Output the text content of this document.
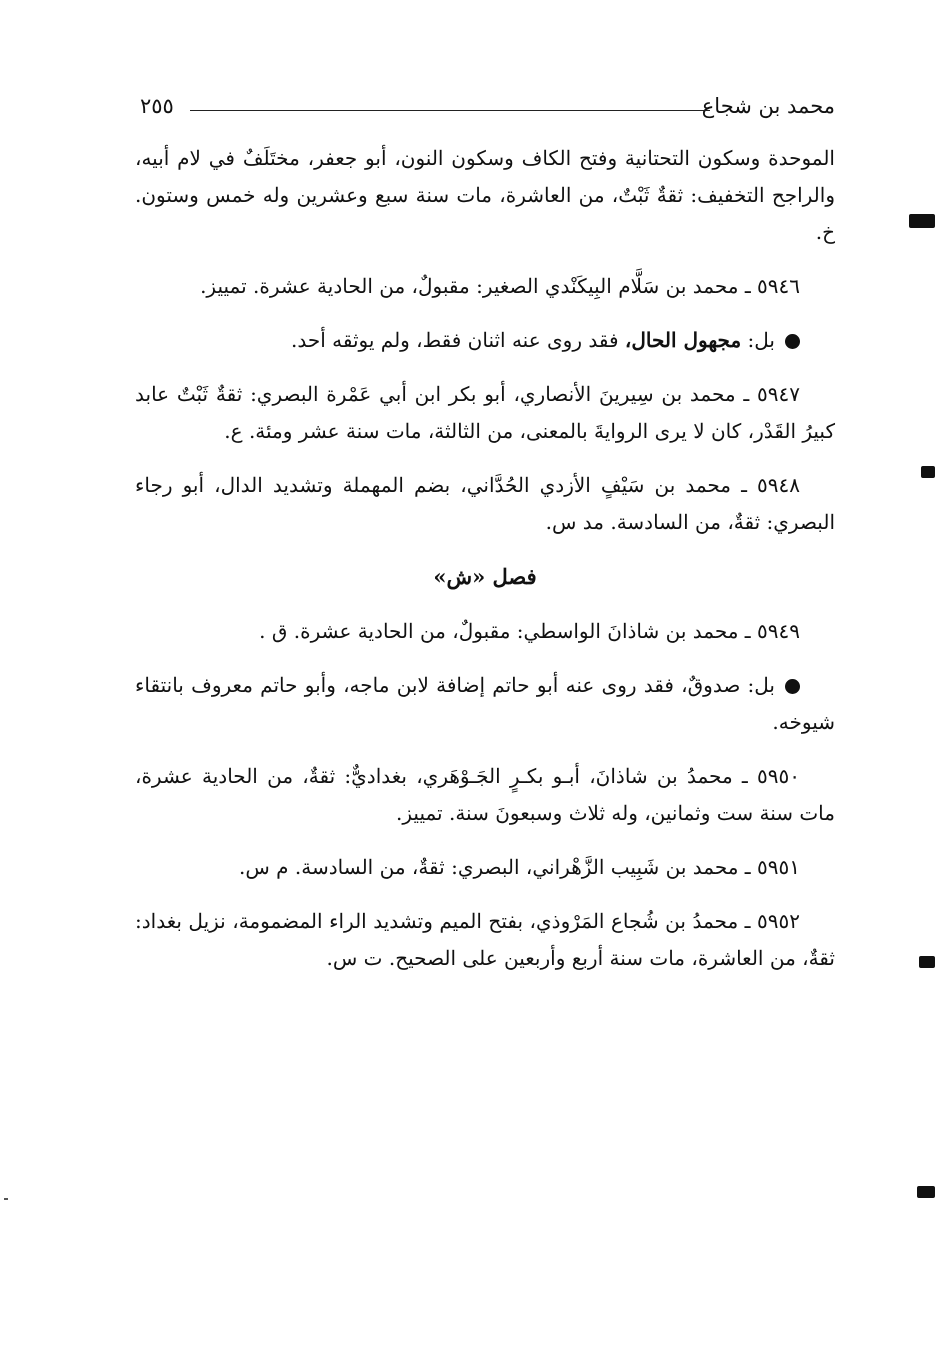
محمد بن شجاع
٢٥٥

الموحدة وسكون التحتانية وفتح الكاف وسكون النون، أبو جعفر، مختَلَفٌ في لام أبيه، والراجح التخفيف: ثقةٌ ثَبْتٌ، من العاشرة، مات سنة سبع وعشرين وله خمس وستون. خ.

٥٩٤٦ ـ محمد بن سَلَّام البِيكَنْدي الصغير: مقبولٌ، من الحادية عشرة. تمييز.

بل: مجهول الحال، فقد روى عنه اثنان فقط، ولم يوثقه أحد.

٥٩٤٧ ـ محمد بن سِيرينَ الأنصاري، أبو بكر ابن أبي عَمْرة البصري: ثقةٌ ثَبْتٌ عابد كبيرُ القَدْر، كان لا يرى الروايةَ بالمعنى، من الثالثة، مات سنة عشر ومئة. ع.

٥٩٤٨ ـ محمد بن سَيْفٍ الأزدي الحُدَّاني، بضم المهملة وتشديد الدال، أبو رجاء البصري: ثقةٌ، من السادسة. مد س.

فصل «ش»

٥٩٤٩ ـ محمد بن شاذانَ الواسطي: مقبولٌ، من الحادية عشرة. ق .

بل: صدوقٌ، فقد روى عنه أبو حاتم إضافة لابن ماجه، وأبو حاتم معروف بانتقاء شيوخه.

٥٩٥٠ ـ محمدُ بن شاذانَ، أبـو بكـرٍ الجَـوْهَري، بغداديٌّ: ثقةٌ، من الحادية عشرة، مات سنة ست وثمانين، وله ثلاث وسبعونَ سنة. تمييز.

٥٩٥١ ـ محمد بن شَبِيب الزَّهْراني، البصري: ثقةٌ، من السادسة. م س.

٥٩٥٢ ـ محمدُ بن شُجاع المَرْوذي، بفتح الميم وتشديد الراء المضمومة، نزيل بغداد: ثقةٌ، من العاشرة، مات سنة أربع وأربعين على الصحيح. ت س.
